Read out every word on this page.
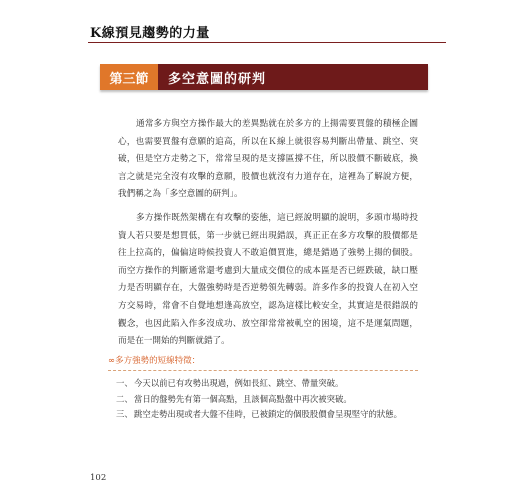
K線預見趨勢的力量
第三節	多空意圖的研判

通常多方與空方操作最大的差異點就在於多方的上揚需要買盤的積極企圖心，也需要買盤有意願的追高，所以在Ｋ線上就很容易判斷出帶量、跳空、突破，但是空方走勢之下，常常呈現的是支撐區撐不住，所以股價不斷破底，換言之就是完全沒有攻擊的意願，股價也就沒有力道存在，這裡為了解說方便，我們稱之為「多空意圖的研判」。

多方操作既然架構在有攻擊的姿態，這已經說明顯的說明，多頭市場時投資人若只要是想買低，第一步就已經出現錯誤，真正正在多方攻擊的股價都是往上拉高的，偏偏這時候投資人不敢追價買進，總是錯過了強勢上揚的個股。而空方操作的判斷通常還考慮到大量成交價位的成本區是否已經跌破，缺口壓力是否明顯存在，大盤強勢時是否逆勢領先轉弱。許多作多的投資人在初入空方交易時，常會不自覺地想逢高放空，認為這樣比較安全，其實這是很錯誤的觀念，也因此陷入作多沒成功、放空卻常常被軋空的困境，這不是運氣問題，而是在一開始的判斷就錯了。

∞多方強勢的短線特徵：
一、 今天以前已有攻勢出現過，例如長紅、跳空、帶量突破。
二、 當日的盤勢先有第一個高點，且該個高點盤中再次被突破。
三、 跳空走勢出現或者大盤不佳時，已被鎖定的個股股價會呈現堅守的狀態。
102
